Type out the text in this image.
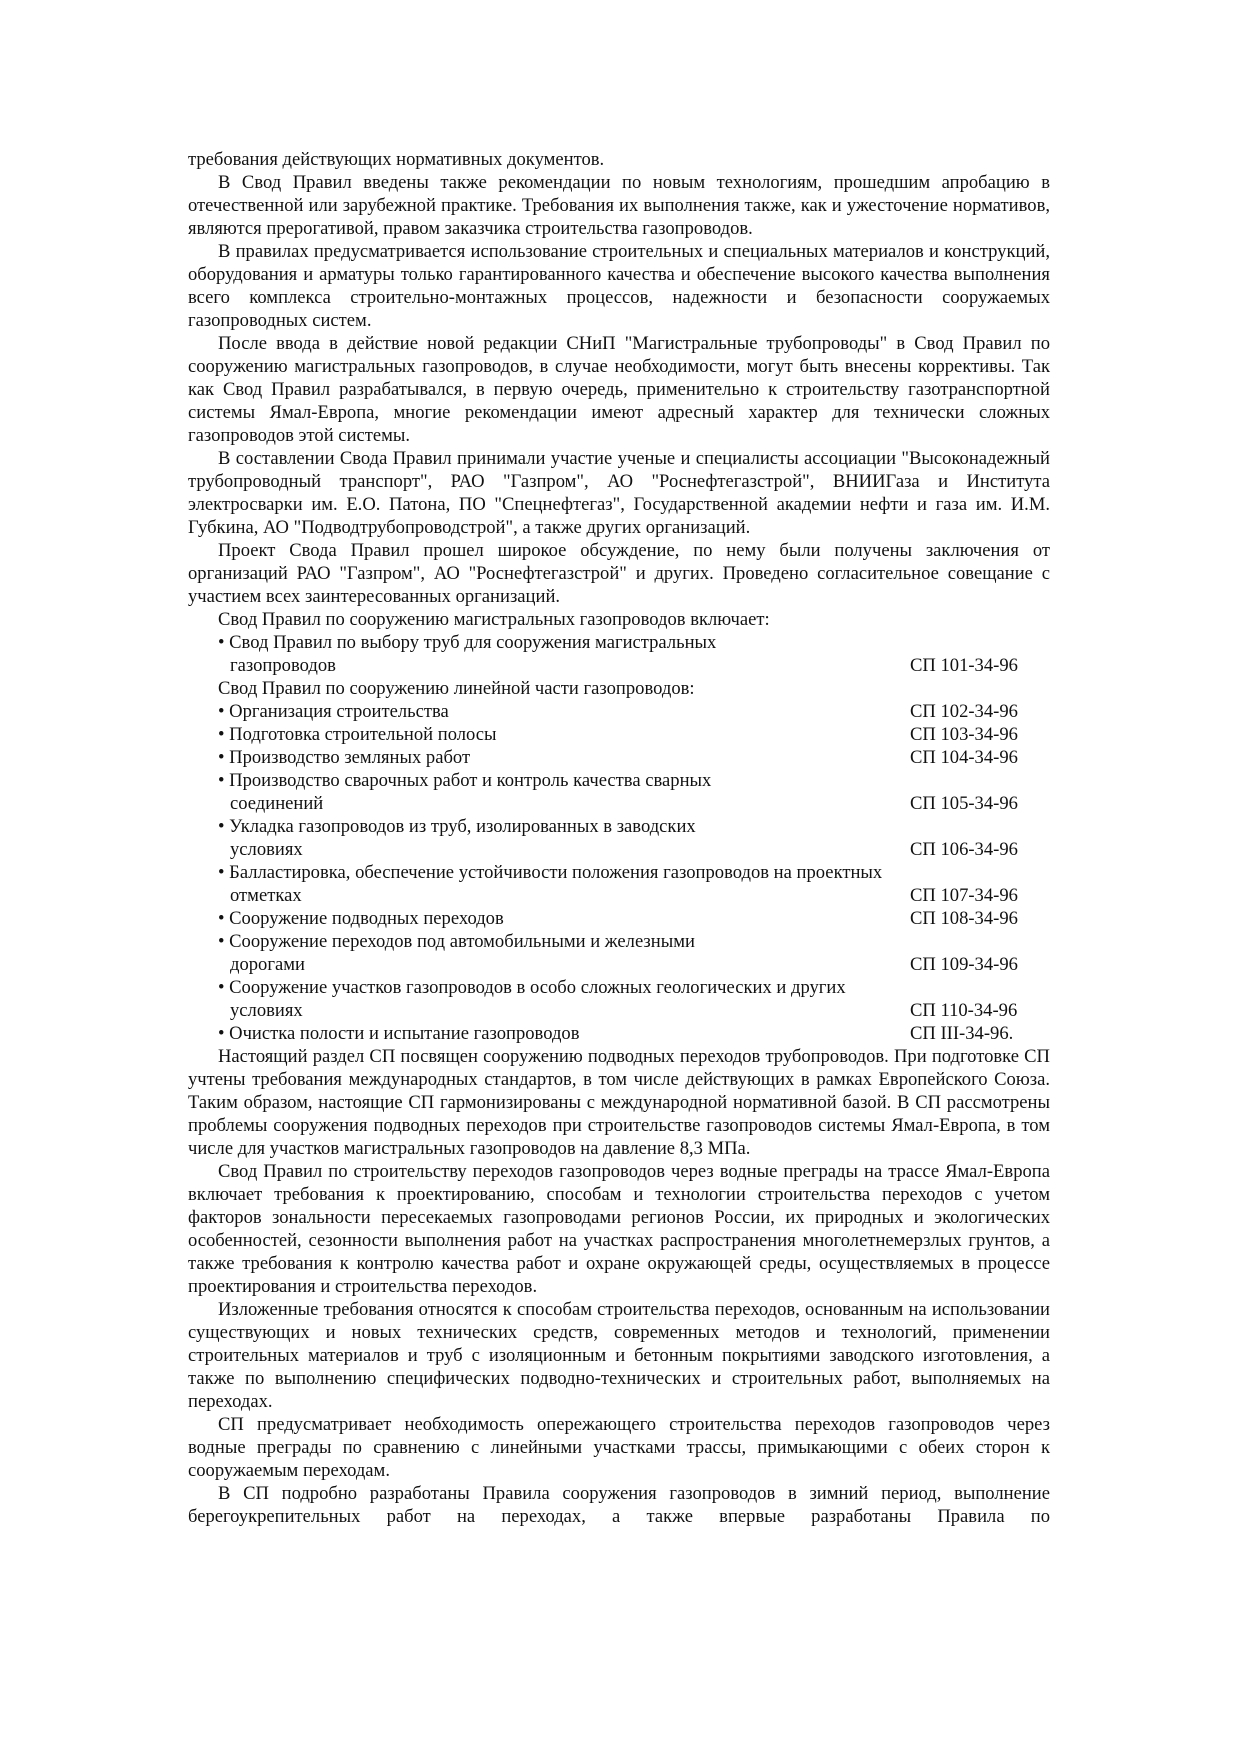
требования действующих нормативных документов.

В Свод Правил введены также рекомендации по новым технологиям, прошедшим апробацию в отечественной или зарубежной практике. Требования их выполнения также, как и ужесточение нормативов, являются прерогативой, правом заказчика строительства газопроводов.

В правилах предусматривается использование строительных и специальных материалов и конструкций, оборудования и арматуры только гарантированного качества и обеспечение высокого качества выполнения всего комплекса строительно-монтажных процессов, надежности и безопасности сооружаемых газопроводных систем.

После ввода в действие новой редакции СНиП "Магистральные трубопроводы" в Свод Правил по сооружению магистральных газопроводов, в случае необходимости, могут быть внесены коррективы. Так как Свод Правил разрабатывался, в первую очередь, применительно к строительству газотранспортной системы Ямал-Европа, многие рекомендации имеют адресный характер для технически сложных газопроводов этой системы.

В составлении Свода Правил принимали участие ученые и специалисты ассоциации "Высоконадежный трубопроводный транспорт", РАО "Газпром", АО "Роснефтегазстрой", ВНИИГаза и Института электросварки им. Е.О. Патона, ПО "Спецнефтегаз", Государственной академии нефти и газа им. И.М. Губкина, АО "Подводтрубопроводстрой", а также других организаций.

Проект Свода Правил прошел широкое обсуждение, по нему были получены заключения от организаций РАО "Газпром", АО "Роснефтегазстрой" и других. Проведено согласительное совещание с участием всех заинтересованных организаций.

Свод Правил по сооружению магистральных газопроводов включает:
• Свод Правил по выбору труб для сооружения магистральных
газопроводов	СП 101-34-96
Свод Правил по сооружению линейной части газопроводов:
• Организация строительства	СП 102-34-96
• Подготовка строительной полосы	СП 103-34-96
• Производство земляных работ	СП 104-34-96
• Производство сварочных работ и контроль качества сварных
соединений	СП 105-34-96
• Укладка газопроводов из труб, изолированных в заводских
условиях	СП 106-34-96
• Балластировка, обеспечение устойчивости положения газопроводов на проектных
отметках	СП 107-34-96
• Сооружение подводных переходов	СП 108-34-96
• Сооружение переходов под автомобильными и железными
дорогами	СП 109-34-96
• Сооружение участков газопроводов в особо сложных геологических и других
условиях	СП 110-34-96
• Очистка полости и испытание газопроводов	СП III-34-96.

Настоящий раздел СП посвящен сооружению подводных переходов трубопроводов. При подготовке СП учтены требования международных стандартов, в том числе действующих в рамках Европейского Союза. Таким образом, настоящие СП гармонизированы с международной нормативной базой. В СП рассмотрены проблемы сооружения подводных переходов при строительстве газопроводов системы Ямал-Европа, в том числе для участков магистральных газопроводов на давление 8,3 МПа.

Свод Правил по строительству переходов газопроводов через водные преграды на трассе Ямал-Европа включает требования к проектированию, способам и технологии строительства переходов с учетом факторов зональности пересекаемых газопроводами регионов России, их природных и экологических особенностей, сезонности выполнения работ на участках распространения многолетнемерзлых грунтов, а также требования к контролю качества работ и охране окружающей среды, осуществляемых в процессе проектирования и строительства переходов.

Изложенные требования относятся к способам строительства переходов, основанным на использовании существующих и новых технических средств, современных методов и технологий, применении строительных материалов и труб с изоляционным и бетонным покрытиями заводского изготовления, а также по выполнению специфических подводно-технических и строительных работ, выполняемых на переходах.

СП предусматривает необходимость опережающего строительства переходов газопроводов через водные преграды по сравнению с линейными участками трассы, примыкающими с обеих сторон к сооружаемым переходам.

В СП подробно разработаны Правила сооружения газопроводов в зимний период, выполнение берегоукрепительных работ на переходах, а также впервые разработаны Правила по
